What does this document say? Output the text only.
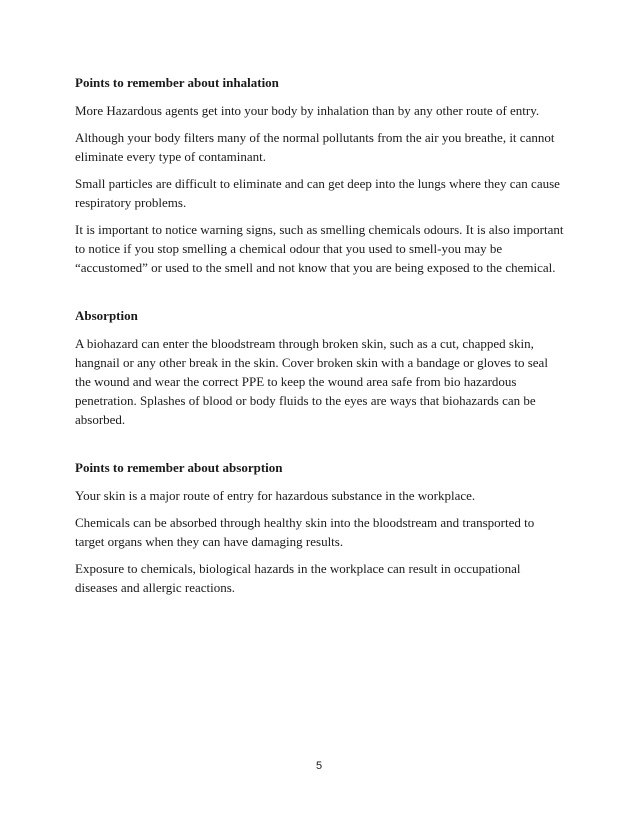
Points to remember about inhalation

More Hazardous agents get into your body by inhalation than by any other route of entry.

Although your body filters many of the normal pollutants from the air you breathe, it cannot eliminate every type of contaminant.

Small particles are difficult to eliminate and can get deep into the lungs where they can cause respiratory problems.

It is important to notice warning signs, such as smelling chemicals odours. It is also important to notice if you stop smelling a chemical odour that you used to smell-you may be “accustomed” or used to the smell and not know that you are being exposed to the chemical.

Absorption

A biohazard can enter the bloodstream through broken skin, such as a cut, chapped skin, hangnail or any other break in the skin. Cover broken skin with a bandage or gloves to seal the wound and wear the correct PPE to keep the wound area safe from bio hazardous penetration. Splashes of blood or body fluids to the eyes are ways that biohazards can be absorbed.

Points to remember about absorption

Your skin is a major route of entry for hazardous substance in the workplace.

Chemicals can be absorbed through healthy skin into the bloodstream and transported to target organs when they can have damaging results.

Exposure to chemicals, biological hazards in the workplace can result in occupational diseases and allergic reactions.

5
